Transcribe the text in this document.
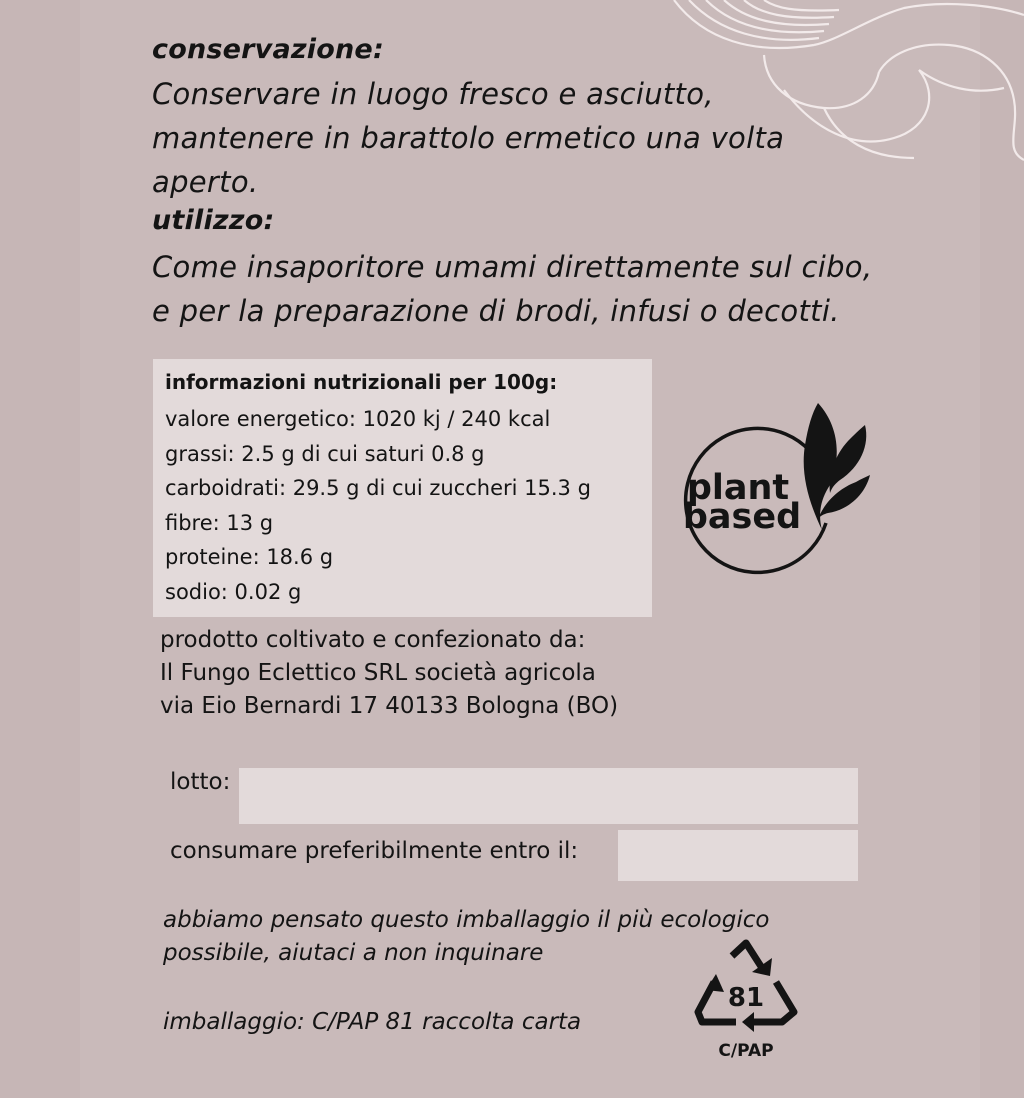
conservazione:
Conservare in luogo fresco e asciutto,
mantenere in barattolo ermetico una volta
aperto.
utilizzo:
Come insaporitore umami direttamente sul cibo,
e per la preparazione di brodi, infusi o decotti.
informazioni nutrizionali per 100g:
valore energetico: 1020 kj / 240 kcal
grassi: 2.5 g di cui saturi 0.8 g
carboidrati: 29.5 g di cui zuccheri 15.3 g
fibre: 13 g
proteine: 18.6 g
sodio: 0.02 g
plant
based
prodotto coltivato e confezionato da:
Il Fungo Eclettico SRL società agricola
via Eio Bernardi 17 40133 Bologna (BO)
lotto:
consumare preferibilmente entro il:
abbiamo pensato questo imballaggio il più ecologico
possibile, aiutaci a non inquinare
imballaggio: C/PAP 81 raccolta carta
81
C/PAP
